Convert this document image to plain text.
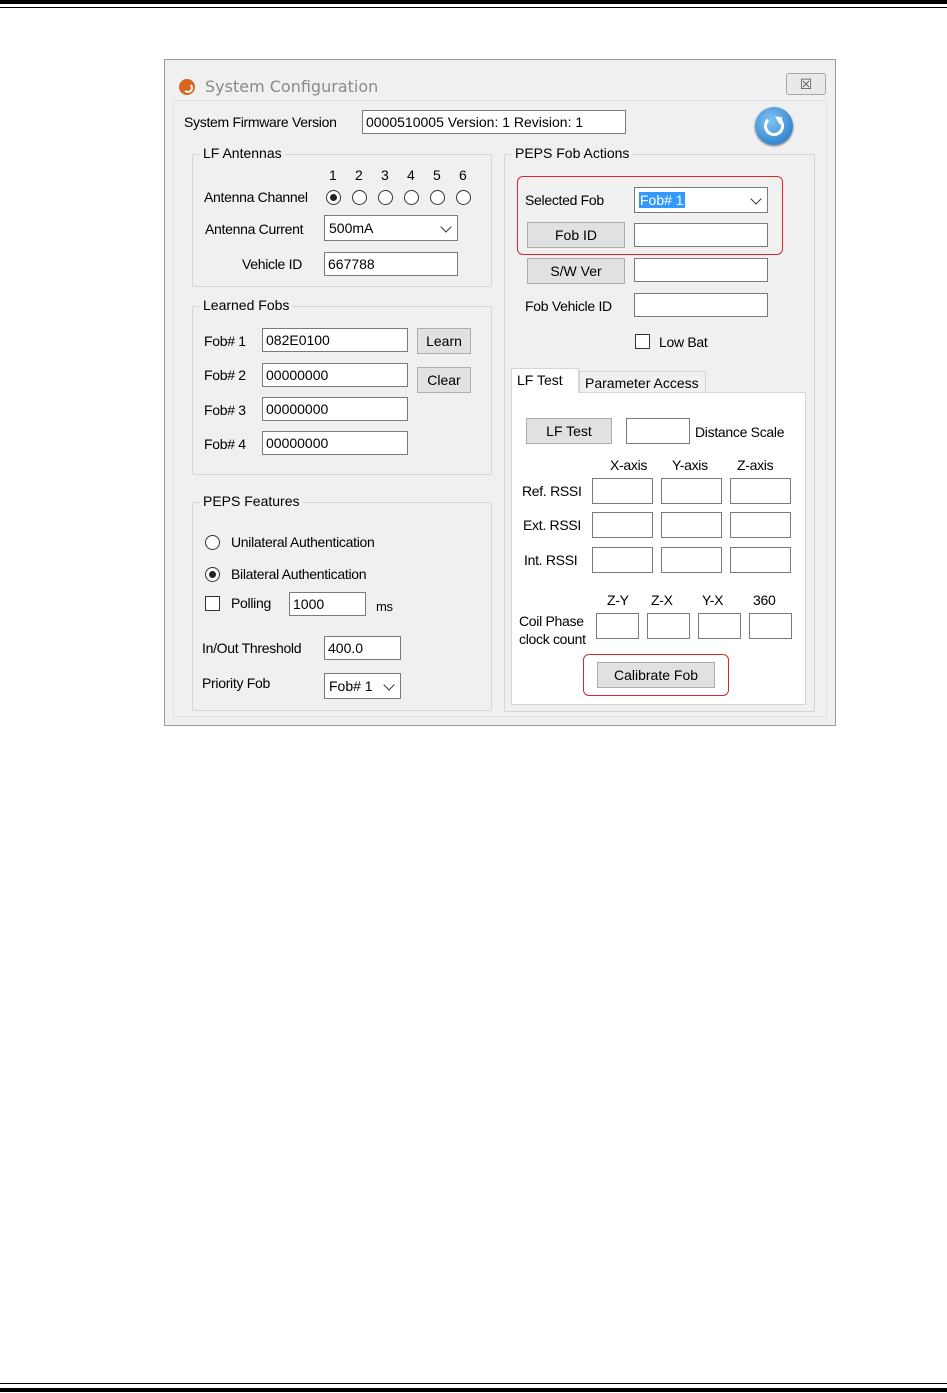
System Configuration	☒
System Firmware Version 0000510005 Version: 1 Revision: 1
LF Antennas
1 2 3 4 5 6
Antenna Channel
Antenna Current	500mA
Vehicle ID 667788
Learned Fobs
Fob# 1 082E0100
Fob# 2 00000000
Fob# 3 00000000
Fob# 4 00000000
Learn
Clear
PEPS Features
Unilateral Authentication
Bilateral Authentication
Polling 1000	ms
In/Out Threshold 400.0
Priority Fob	Fob# 1
PEPS Fob Actions
Selected Fob	Fob# 1
Fob ID
S/W Ver
Fob Vehicle ID
Low Bat
LF Test	Parameter Access
LF Test	Distance Scale
X-axis Y-axis Z-axis
Ref. RSSI
Ext. RSSI
Int. RSSI
Z-Y Z-X Y-X 360
Coil Phase
clock count
Calibrate Fob
